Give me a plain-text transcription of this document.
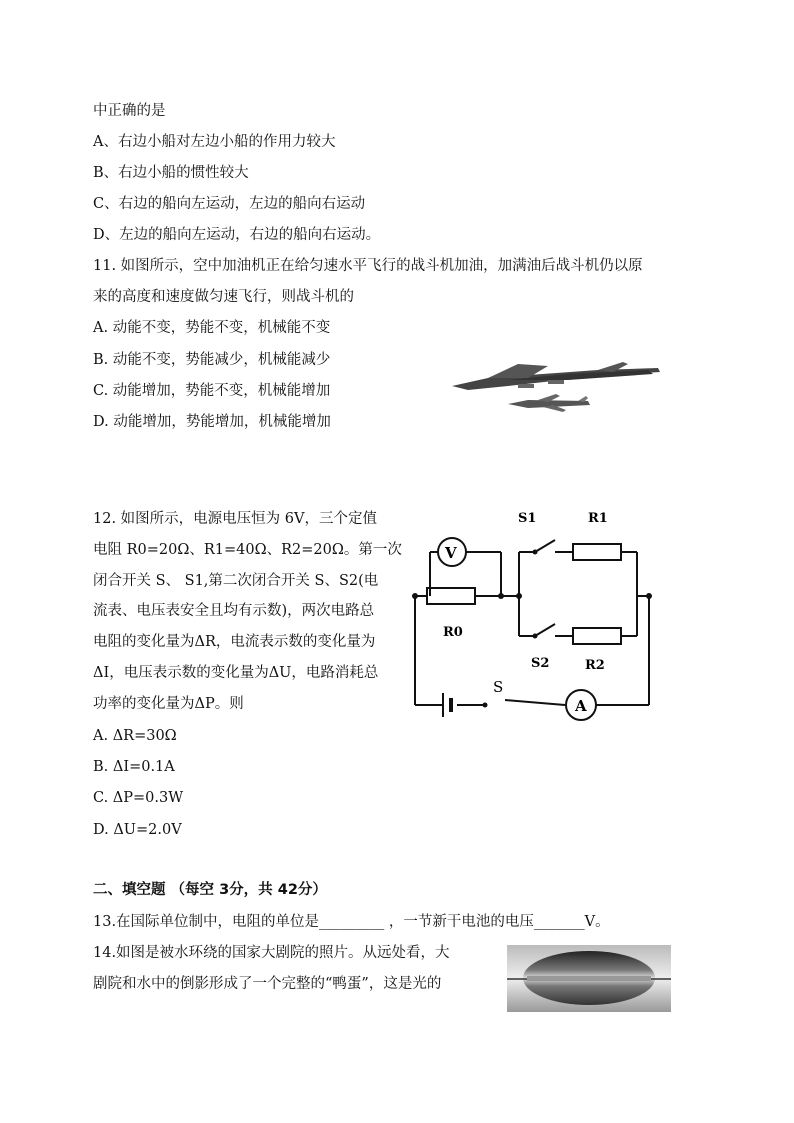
中正确的是
A、右边小船对左边小船的作用力较大
B、右边小船的惯性较大
C、右边的船向左运动，左边的船向右运动
D、左边的船向左运动，右边的船向右运动。
11. 如图所示，空中加油机正在给匀速水平飞行的战斗机加油，加满油后战斗机仍以原
来的高度和速度做匀速飞行，则战斗机的
A. 动能不变，势能不变，机械能不变
B. 动能不变，势能减少，机械能减少
C. 动能增加，势能不变，机械能增加
D. 动能增加，势能增加，机械能增加
12. 如图所示，电源电压恒为 6V，三个定值
电阻 R0=20Ω、R1=40Ω、R2=20Ω。第一次
闭合开关 S、 S1,第二次闭合开关 S、S2(电
流表、电压表安全且均有示数)，两次电路总
电阻的变化量为ΔR，电流表示数的变化量为
ΔI，电压表示数的变化量为ΔU，电路消耗总
功率的变化量为ΔP。则
A. ΔR=30Ω
B. ΔI=0.1A
C. ΔP=0.3W
D. ΔU=2.0V
S1	R1
V
R0
S2	R2
S
A
二、填空题 （每空 3分，共 42分）
13.在国际单位制中，电阻的单位是_________ ，一节新干电池的电压_______V。
14.如图是被水环绕的国家大剧院的照片。从远处看，大
剧院和水中的倒影形成了一个完整的“鸭蛋”，这是光的
